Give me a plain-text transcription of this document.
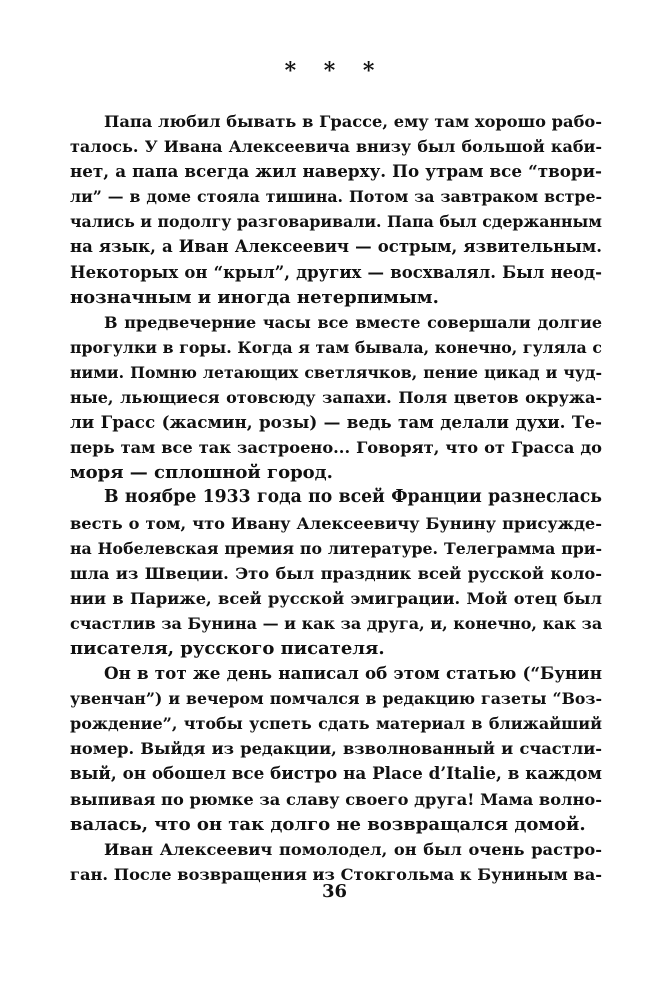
* * *
Папа любил бывать в Грассе, ему там хорошо рабо-
талось. У Ивана Алексеевича внизу был большой каби-
нет, а папа всегда жил наверху. По утрам все “твори-
ли” — в доме стояла тишина. Потом за завтраком встре-
чались и подолгу разговаривали. Папа был сдержанным
на язык, а Иван Алексеевич — острым, язвительным.
Некоторых он “крыл”, других — восхвалял. Был неод-
нозначным и иногда нетерпимым.
В предвечерние часы все вместе совершали долгие
прогулки в горы. Когда я там бывала, конечно, гуляла с
ними. Помню летающих светлячков, пение цикад и чуд-
ные, льющиеся отовсюду запахи. Поля цветов окружа-
ли Грасс (жасмин, розы) — ведь там делали духи. Те-
перь там все так застроено... Говорят, что от Грасса до
моря — сплошной город.
В ноябре 1933 года по всей Франции разнеслась
весть о том, что Ивану Алексеевичу Бунину присужде-
на Нобелевская премия по литературе. Телеграмма при-
шла из Швеции. Это был праздник всей русской коло-
нии в Париже, всей русской эмиграции. Мой отец был
счастлив за Бунина — и как за друга, и, конечно, как за
писателя, русского писателя.
Он в тот же день написал об этом статью (“Бунин
увенчан”) и вечером помчался в редакцию газеты “Воз-
рождение”, чтобы успеть сдать материал в ближайший
номер. Выйдя из редакции, взволнованный и счастли-
вый, он обошел все бистро на Place d’Italie, в каждом
выпивая по рюмке за славу своего друга! Мама волно-
валась, что он так долго не возвращался домой.
Иван Алексеевич помолодел, он был очень растро-
ган. После возвращения из Стокгольма к Буниным ва-
36
